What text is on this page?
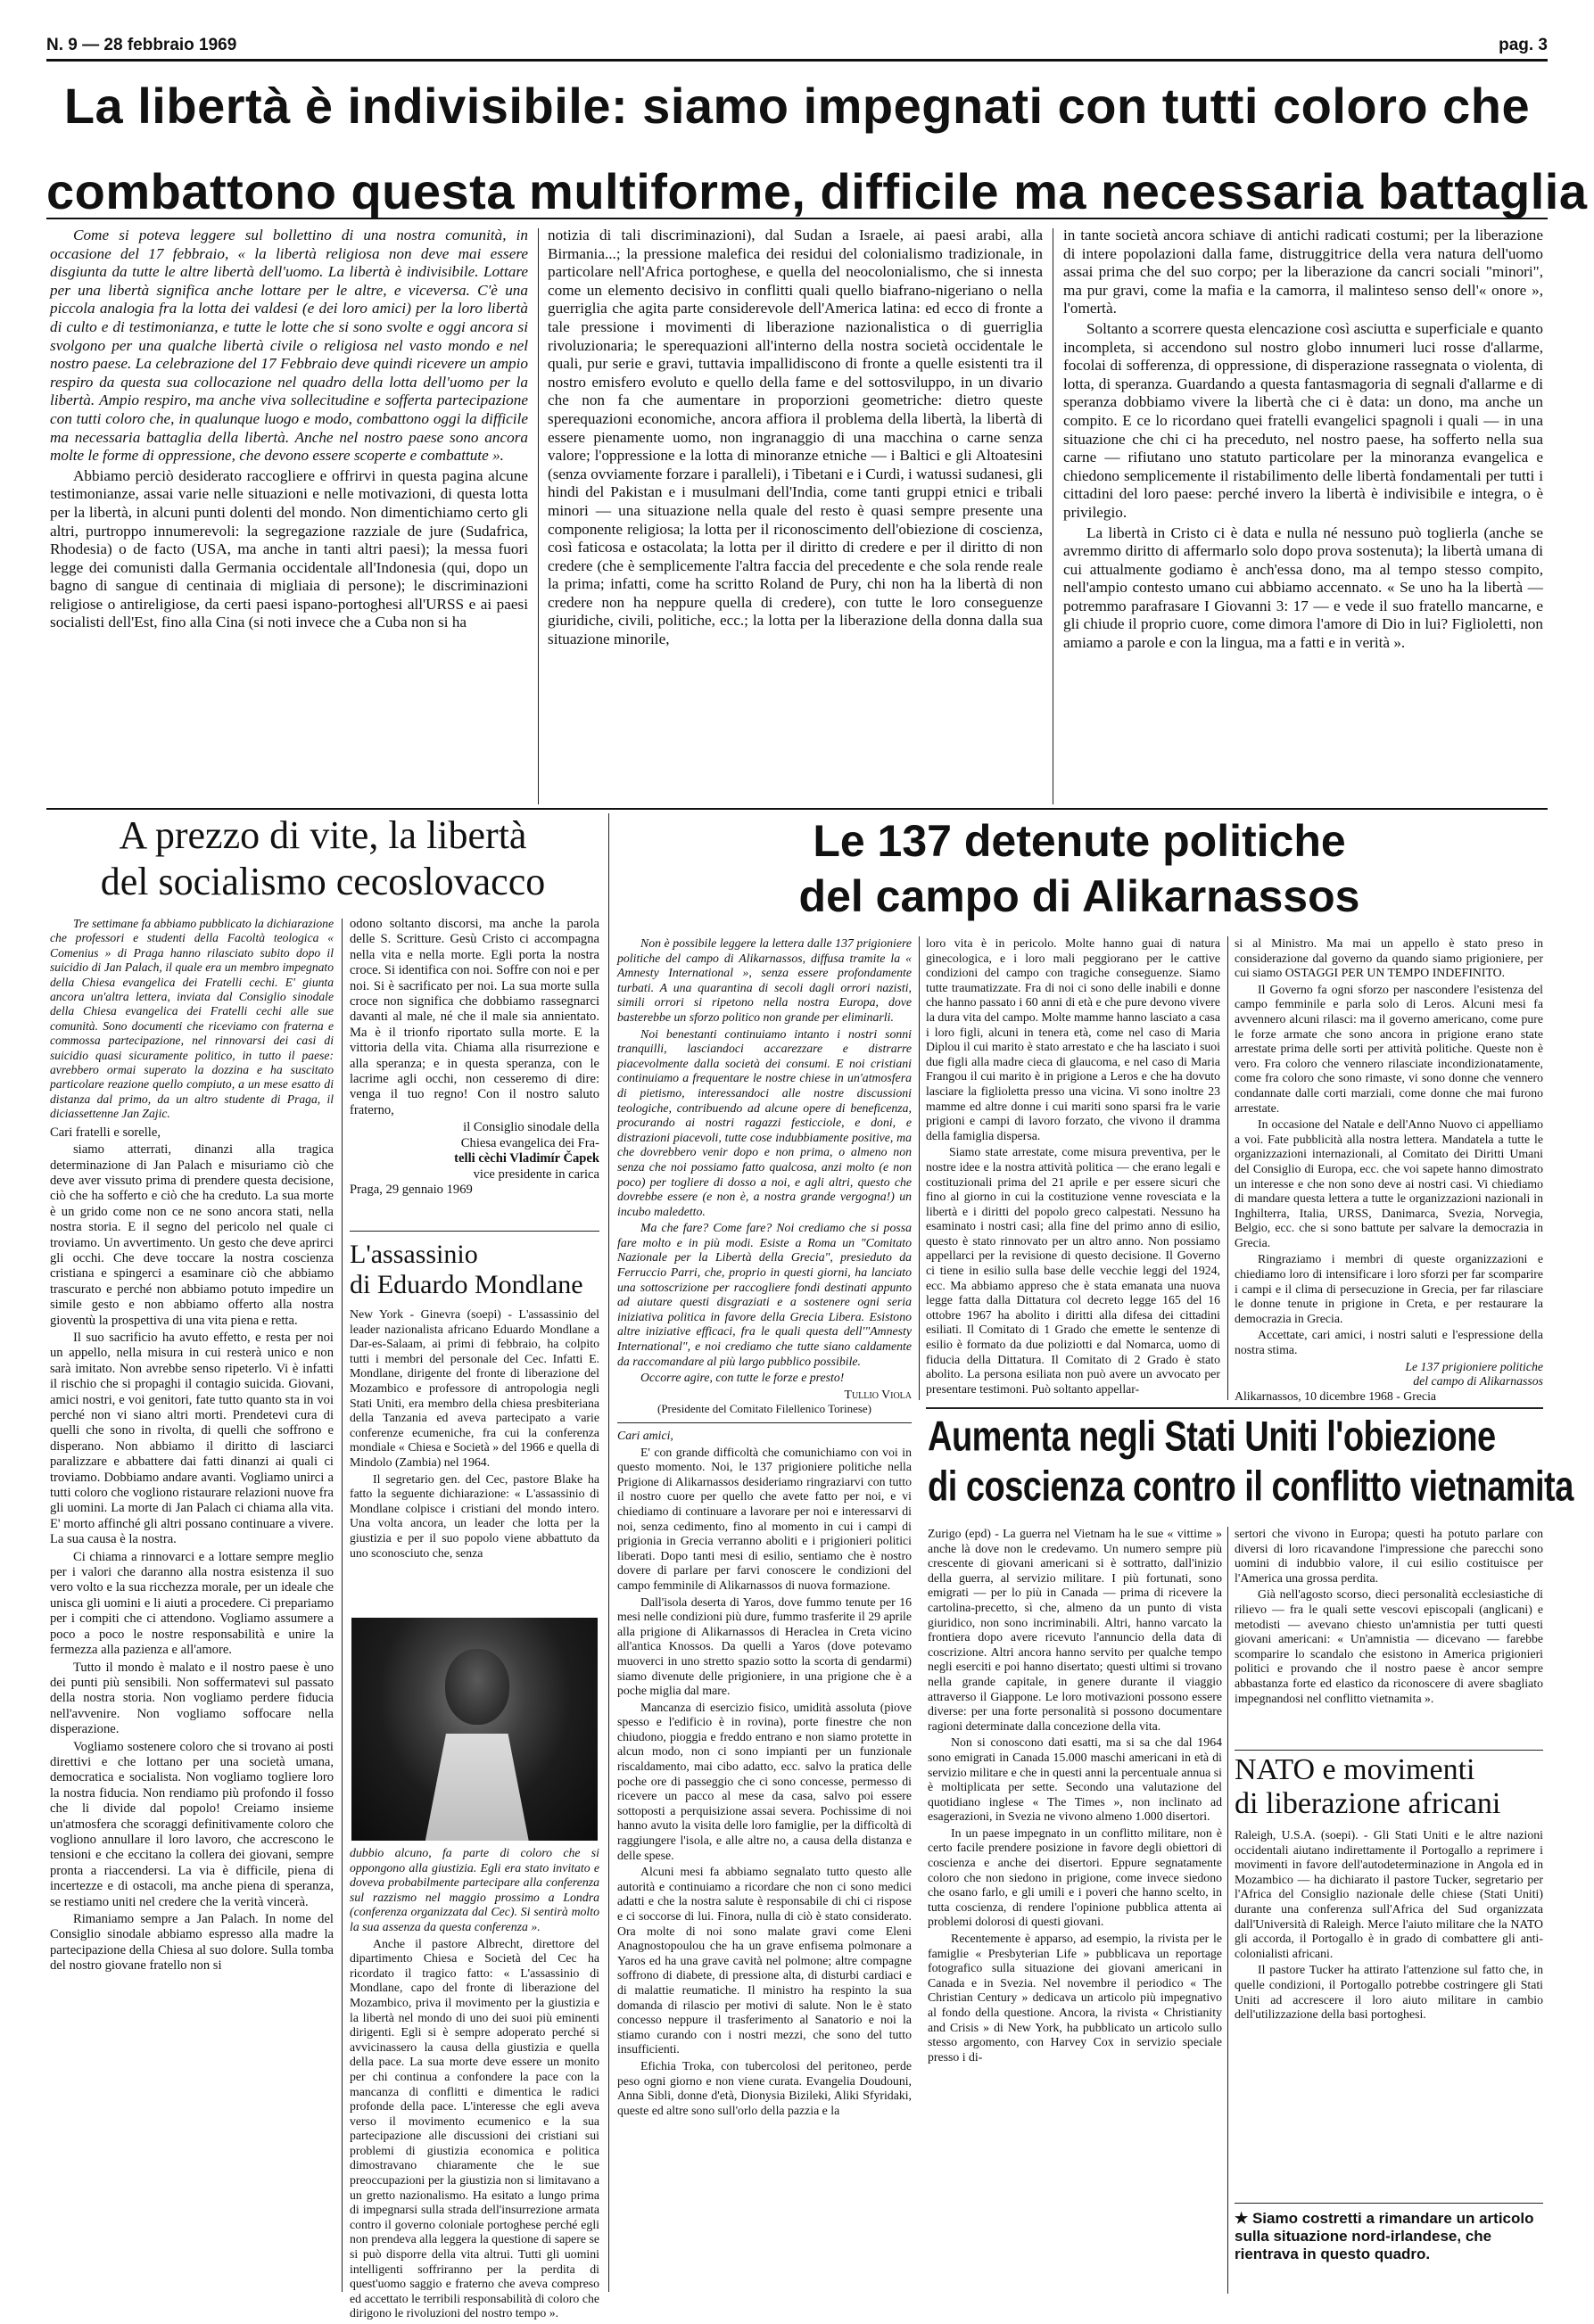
N. 9 — 28 febbraio 1969	pag. 3
La libertà è indivisibile: siamo impegnati con tutti coloro che
combattono questa multiforme, difficile ma necessaria battaglia

Come si poteva leggere sul bollettino di una nostra comunità, in occasione del 17 febbraio, « la libertà religiosa non deve mai essere disgiunta da tutte le altre libertà dell'uomo. La libertà è indivisibile. Lottare per una libertà significa anche lottare per le altre, e viceversa. C'è una piccola analogia fra la lotta dei valdesi (e dei loro amici) per la loro libertà di culto e di testimonianza, e tutte le lotte che si sono svolte e oggi ancora si svolgono per una qualche libertà civile o religiosa nel vasto mondo e nel nostro paese. La celebrazione del 17 Febbraio deve quindi ricevere un ampio respiro da questa sua collocazione nel quadro della lotta dell'uomo per la libertà. Ampio respiro, ma anche viva sollecitudine e sofferta partecipazione con tutti coloro che, in qualunque luogo e modo, combattono oggi la difficile ma necessaria battaglia della libertà. Anche nel nostro paese sono ancora molte le forme di oppressione, che devono essere scoperte e combattute ».

Abbiamo perciò desiderato raccogliere e offrirvi in questa pagina alcune testimonianze, assai varie nelle situazioni e nelle motivazioni, di questa lotta per la libertà, in alcuni punti dolenti del mondo. Non dimentichiamo certo gli altri, purtroppo innumerevoli: la segregazione razziale de jure (Sudafrica, Rhodesia) o de facto (USA, ma anche in tanti altri paesi); la messa fuori legge dei comunisti dalla Germania occidentale all'Indonesia (qui, dopo un bagno di sangue di centinaia di migliaia di persone); le discriminazioni religiose o antireligiose, da certi paesi ispano-portoghesi all'URSS e ai paesi socialisti dell'Est, fino alla Cina (si noti invece che a Cuba non si ha

notizia di tali discriminazioni), dal Sudan a Israele, ai paesi arabi, alla Birmania...; la pressione malefica dei residui del colonialismo tradizionale, in particolare nell'Africa portoghese, e quella del neocolonialismo, che si innesta come un elemento decisivo in conflitti quali quello biafrano-nigeriano o nella guerriglia che agita parte considerevole dell'America latina: ed ecco di fronte a tale pressione i movimenti di liberazione nazionalistica o di guerriglia rivoluzionaria; le sperequazioni all'interno della nostra società occidentale le quali, pur serie e gravi, tuttavia impallidiscono di fronte a quelle esistenti tra il nostro emisfero evoluto e quello della fame e del sottosviluppo, in un divario che non fa che aumentare in proporzioni geometriche: dietro queste sperequazioni economiche, ancora affiora il problema della libertà, la libertà di essere pienamente uomo, non ingranaggio di una macchina o carne senza valore; l'oppressione e la lotta di minoranze etniche — i Baltici e gli Altoatesini (senza ovviamente forzare i paralleli), i Tibetani e i Curdi, i watussi sudanesi, gli hindi del Pakistan e i musulmani dell'India, come tanti gruppi etnici e tribali minori — una situazione nella quale del resto è quasi sempre presente una componente religiosa; la lotta per il riconoscimento dell'obiezione di coscienza, così faticosa e ostacolata; la lotta per il diritto di credere e per il diritto di non credere (che è semplicemente l'altra faccia del precedente e che sola rende reale la prima; infatti, come ha scritto Roland de Pury, chi non ha la libertà di non credere non ha neppure quella di credere), con tutte le loro conseguenze giuridiche, civili, politiche, ecc.; la lotta per la liberazione della donna dalla sua situazione minorile,

in tante società ancora schiave di antichi radicati costumi; per la liberazione di intere popolazioni dalla fame, distruggitrice della vera natura dell'uomo assai prima che del suo corpo; per la liberazione da cancri sociali "minori", ma pur gravi, come la mafia e la camorra, il malinteso senso dell'« onore », l'omertà.

Soltanto a scorrere questa elencazione così asciutta e superficiale e quanto incompleta, si accendono sul nostro globo innumeri luci rosse d'allarme, focolai di sofferenza, di oppressione, di disperazione rassegnata o violenta, di lotta, di speranza. Guardando a questa fantasmagoria di segnali d'allarme e di speranza dobbiamo vivere la libertà che ci è data: un dono, ma anche un compito. E ce lo ricordano quei fratelli evangelici spagnoli i quali — in una situazione che chi ci ha preceduto, nel nostro paese, ha sofferto nella sua carne — rifiutano uno statuto particolare per la minoranza evangelica e chiedono semplicemente il ristabilimento delle libertà fondamentali per tutti i cittadini del loro paese: perché invero la libertà è indivisibile e integra, o è privilegio.

La libertà in Cristo ci è data e nulla né nessuno può toglierla (anche se avremmo diritto di affermarlo solo dopo prova sostenuta); la libertà umana di cui attualmente godiamo è anch'essa dono, ma al tempo stesso compito, nell'ampio contesto umano cui abbiamo accennato. « Se uno ha la libertà — potremmo parafrasare I Giovanni 3: 17 — e vede il suo fratello mancarne, e gli chiude il proprio cuore, come dimora l'amore di Dio in lui? Figlioletti, non amiamo a parole e con la lingua, ma a fatti e in verità ».

A prezzo di vite, la libertà
del socialismo cecoslovacco

Tre settimane fa abbiamo pubblicato la dichiarazione che professori e studenti della Facoltà teologica « Comenius » di Praga hanno rilasciato subito dopo il suicidio di Jan Palach, il quale era un membro impegnato della Chiesa evangelica dei Fratelli cechi. E' giunta ancora un'altra lettera, inviata dal Consiglio sinodale della Chiesa evangelica dei Fratelli cechi alle sue comunità. Sono documenti che riceviamo con fraterna e commossa partecipazione, nel rinnovarsi dei casi di suicidio quasi sicuramente politico, in tutto il paese: avrebbero ormai superato la dozzina e ha suscitato particolare reazione quello compiuto, a un mese esatto di distanza dal primo, da un altro studente di Praga, il diciassettenne Jan Zajic.

Cari fratelli e sorelle,

siamo atterrati, dinanzi alla tragica determinazione di Jan Palach e misuriamo ciò che deve aver vissuto prima di prendere questa decisione, ciò che ha sofferto e ciò che ha creduto. La sua morte è un grido come non ce ne sono ancora stati, nella nostra storia. E il segno del pericolo nel quale ci troviamo. Un avvertimento. Un gesto che deve aprirci gli occhi. Che deve toccare la nostra coscienza cristiana e spingerci a esaminare ciò che abbiamo trascurato e perché non abbiamo potuto impedire un simile gesto e non abbiamo offerto alla nostra gioventù la prospettiva di una vita piena e retta.

Il suo sacrificio ha avuto effetto, e resta per noi un appello, nella misura in cui resterà unico e non sarà imitato. Non avrebbe senso ripeterlo. Vi è infatti il rischio che si propaghi il contagio suicida. Giovani, amici nostri, e voi genitori, fate tutto quanto sta in voi perché non vi siano altri morti. Prendetevi cura di quelli che sono in rivolta, di quelli che soffrono e disperano. Non abbiamo il diritto di lasciarci paralizzare e abbattere dai fatti dinanzi ai quali ci troviamo. Dobbiamo andare avanti. Vogliamo unirci a tutti coloro che vogliono ristaurare relazioni nuove fra gli uomini. La morte di Jan Palach ci chiama alla vita. E' morto affinché gli altri possano continuare a vivere. La sua causa è la nostra.

Ci chiama a rinnovarci e a lottare sempre meglio per i valori che daranno alla nostra esistenza il suo vero volto e la sua ricchezza morale, per un ideale che unisca gli uomini e li aiuti a procedere. Ci prepariamo per i compiti che ci attendono. Vogliamo assumere a poco a poco le nostre responsabilità e unire la fermezza alla pazienza e all'amore.

Tutto il mondo è malato e il nostro paese è uno dei punti più sensibili. Non soffermatevi sul passato della nostra storia. Non vogliamo perdere fiducia nell'avvenire. Non vogliamo soffocare nella disperazione.

Vogliamo sostenere coloro che si trovano ai posti direttivi e che lottano per una società umana, democratica e socialista. Non vogliamo togliere loro la nostra fiducia. Non rendiamo più profondo il fosso che li divide dal popolo! Creiamo insieme un'atmosfera che scoraggi definitivamente coloro che vogliono annullare il loro lavoro, che accrescono le tensioni e che eccitano la collera dei giovani, sempre pronta a riaccendersi. La via è difficile, piena di incertezze e di ostacoli, ma anche piena di speranza, se restiamo uniti nel credere che la verità vincerà.

Rimaniamo sempre a Jan Palach. In nome del Consiglio sinodale abbiamo espresso alla madre la partecipazione della Chiesa al suo dolore. Sulla tomba del nostro giovane fratello non si

odono soltanto discorsi, ma anche la parola delle S. Scritture. Gesù Cristo ci accompagna nella vita e nella morte. Egli porta la nostra croce. Si identifica con noi. Soffre con noi e per noi. Si è sacrificato per noi. La sua morte sulla croce non significa che dobbiamo rassegnarci davanti al male, né che il male sia annientato. Ma è il trionfo riportato sulla morte. E la vittoria della vita. Chiama alla risurrezione e alla speranza; e in questa speranza, con le lacrime agli occhi, non cesseremo di dire: venga il tuo regno! Con il nostro saluto fraterno,

il Consiglio sinodale della
Chiesa evangelica dei Fra-
telli cèchi Vladimír Čapek
vice presidente in carica
Praga, 29 gennaio 1969
L'assassinio
di Eduardo Mondlane

New York - Ginevra (soepi) - L'assassinio del leader nazionalista africano Eduardo Mondlane a Dar-es-Salaam, ai primi di febbraio, ha colpito tutti i membri del personale del Cec. Infatti E. Mondlane, dirigente del fronte di liberazione del Mozambico e professore di antropologia negli Stati Uniti, era membro della chiesa presbiteriana della Tanzania ed aveva partecipato a varie conferenze ecumeniche, fra cui la conferenza mondiale « Chiesa e Società » del 1966 e quella di Mindolo (Zambia) nel 1964.

Il segretario gen. del Cec, pastore Blake ha fatto la seguente dichiarazione: « L'assassinio di Mondlane colpisce i cristiani del mondo intero. Una volta ancora, un leader che lotta per la giustizia e per il suo popolo viene abbattuto da uno sconosciuto che, senza

dubbio alcuno, fa parte di coloro che si oppongono alla giustizia. Egli era stato invitato e doveva probabilmente partecipare alla conferenza sul razzismo nel maggio prossimo a Londra (conferenza organizzata dal Cec). Si sentirà molto la sua assenza da questa conferenza ».

Anche il pastore Albrecht, direttore del dipartimento Chiesa e Società del Cec ha ricordato il tragico fatto: « L'assassinio di Mondlane, capo del fronte di liberazione del Mozambico, priva il movimento per la giustizia e la libertà nel mondo di uno dei suoi più eminenti dirigenti. Egli si è sempre adoperato perché si avvicinassero la causa della giustizia e quella della pace. La sua morte deve essere un monito per chi continua a confondere la pace con la mancanza di conflitti e dimentica le radici profonde della pace. L'interesse che egli aveva verso il movimento ecumenico e la sua partecipazione alle discussioni dei cristiani sui problemi di giustizia economica e politica dimostravano chiaramente che le sue preoccupazioni per la giustizia non si limitavano a un gretto nazionalismo. Ha esitato a lungo prima di impegnarsi sulla strada dell'insurrezione armata contro il governo coloniale portoghese perché egli non prendeva alla leggera la questione di sapere se si può disporre della vita altrui. Tutti gli uomini intelligenti soffriranno per la perdita di quest'uomo saggio e fraterno che aveva compreso ed accettato le terribili responsabilità di coloro che dirigono le rivoluzioni del nostro tempo ».

Le 137 detenute politiche
del campo di Alikarnassos

Non è possibile leggere la lettera dalle 137 prigioniere politiche del campo di Alikarnassos, diffusa tramite la « Amnesty International », senza essere profondamente turbati. A una quarantina di secoli dagli orrori nazisti, simili orrori si ripetono nella nostra Europa, dove basterebbe un sforzo politico non grande per eliminarli.

Noi benestanti continuiamo intanto i nostri sonni tranquilli, lasciandoci accarezzare e distrarre piacevolmente dalla società dei consumi. E noi cristiani continuiamo a frequentare le nostre chiese in un'atmosfera di pietismo, interessandoci alle nostre discussioni teologiche, contribuendo ad alcune opere di beneficenza, procurando ai nostri ragazzi festicciole, e doni, e distrazioni piacevoli, tutte cose indubbiamente positive, ma che dovrebbero venir dopo e non prima, o almeno non senza che noi possiamo fatto qualcosa, anzi molto (e non poco) per togliere di dosso a noi, e agli altri, questo che dovrebbe essere (e non è, a nostra grande vergogna!) un incubo maledetto.

Ma che fare? Come fare? Noi crediamo che si possa fare molto e in più modi. Esiste a Roma un "Comitato Nazionale per la Libertà della Grecia", presieduto da Ferruccio Parri, che, proprio in questi giorni, ha lanciato una sottoscrizione per raccogliere fondi destinati appunto ad aiutare questi disgraziati e a sostenere ogni seria iniziativa politica in favore della Grecia Libera. Esistono altre iniziative efficaci, fra le quali questa dell'"Amnesty International", e noi crediamo che tutte siano caldamente da raccomandare al più largo pubblico possibile.

Occorre agire, con tutte le forze e presto!

Tullio Viola
(Presidente del Comitato Filellenico Torinese)

Cari amici,

E' con grande difficoltà che comunichiamo con voi in questo momento. Noi, le 137 prigioniere politiche nella Prigione di Alikarnassos desideriamo ringraziarvi con tutto il nostro cuore per quello che avete fatto per noi, e vi chiediamo di continuare a lavorare per noi e interessarvi di noi, senza cedimento, fino al momento in cui i campi di prigionia in Grecia verranno aboliti e i prigionieri politici liberati. Dopo tanti mesi di esilio, sentiamo che è nostro dovere di parlare per farvi conoscere le condizioni del campo femminile di Alikarnassos di nuova formazione.

Dall'isola deserta di Yaros, dove fummo tenute per 16 mesi nelle condizioni più dure, fummo trasferite il 29 aprile alla prigione di Alikarnassos di Heraclea in Creta vicino all'antica Knossos. Da quelli a Yaros (dove potevamo muoverci in uno stretto spazio sotto la scorta di gendarmi) siamo divenute delle prigioniere, in una prigione che è a poche miglia dal mare.

Mancanza di esercizio fisico, umidità assoluta (piove spesso e l'edificio è in rovina), porte finestre che non chiudono, pioggia e freddo entrano e non siamo protette in alcun modo, non ci sono impianti per un funzionale riscaldamento, mai cibo adatto, ecc. salvo la pratica delle poche ore di passeggio che ci sono concesse, permesso di ricevere un pacco al mese da casa, salvo poi essere sottoposti a perquisizione assai severa. Pochissime di noi hanno avuto la visita delle loro famiglie, per la difficoltà di raggiungere l'isola, e alle altre no, a causa della distanza e delle spese.

Alcuni mesi fa abbiamo segnalato tutto questo alle autorità e continuiamo a ricordare che non ci sono medici adatti e che la nostra salute è responsabile di chi ci rispose e ci soccorse di lui. Finora, nulla di ciò è stato considerato. Ora molte di noi sono malate gravi come Eleni Anagnostopoulou che ha un grave enfisema polmonare a Yaros ed ha una grave cavità nel polmone; altre compagne soffrono di diabete, di pressione alta, di disturbi cardiaci e di malattie reumatiche. Il ministro ha respinto la sua domanda di rilascio per motivi di salute. Non le è stato concesso neppure il trasferimento al Sanatorio e noi la stiamo curando con i nostri mezzi, che sono del tutto insufficienti.

Efichia Troka, con tubercolosi del peritoneo, perde peso ogni giorno e non viene curata. Evangelia Doudouni, Anna Sibli, donne d'età, Dionysia Bizileki, Aliki Sfyridaki, queste ed altre sono sull'orlo della pazzia e la

loro vita è in pericolo. Molte hanno guai di natura ginecologica, e i loro mali peggiorano per le cattive condizioni del campo con tragiche conseguenze. Siamo tutte traumatizzate. Fra di noi ci sono delle inabili e donne che hanno passato i 60 anni di età e che pure devono vivere la dura vita del campo. Molte mamme hanno lasciato a casa i loro figli, alcuni in tenera età, come nel caso di Maria Diplou il cui marito è stato arrestato e che ha lasciato i suoi due figli alla madre cieca di glaucoma, e nel caso di Maria Frangou il cui marito è in prigione a Leros e che ha dovuto lasciare la figlioletta presso una vicina. Vi sono inoltre 23 mamme ed altre donne i cui mariti sono sparsi fra le varie prigioni e campi di lavoro forzato, che vivono il dramma della famiglia dispersa.

Siamo state arrestate, come misura preventiva, per le nostre idee e la nostra attività politica — che erano legali e costituzionali prima del 21 aprile e per essere sicuri che fino al giorno in cui la costituzione venne rovesciata e la libertà e i diritti del popolo greco calpestati. Nessuno ha esaminato i nostri casi; alla fine del primo anno di esilio, questo è stato rinnovato per un altro anno. Non possiamo appellarci per la revisione di questo decisione. Il Governo ci tiene in esilio sulla base delle vecchie leggi del 1924, ecc. Ma abbiamo appreso che è stata emanata una nuova legge fatta dalla Dittatura col decreto legge 165 del 16 ottobre 1967 ha abolito i diritti alla difesa dei cittadini esiliati. Il Comitato di 1 Grado che emette le sentenze di esilio è formato da due poliziotti e dal Nomarca, uomo di fiducia della Dittatura. Il Comitato di 2 Grado è stato abolito. La persona esiliata non può avere un avvocato per presentare testimoni. Può soltanto appellar-

si al Ministro. Ma mai un appello è stato preso in considerazione dal governo da quando siamo prigioniere, per cui siamo OSTAGGI PER UN TEMPO INDEFINITO.

Il Governo fa ogni sforzo per nascondere l'esistenza del campo femminile e parla solo di Leros. Alcuni mesi fa avvennero alcuni rilasci: ma il governo americano, come pure le forze armate che sono ancora in prigione erano state arrestate prima delle sorti per attività politiche. Queste non è vero. Fra coloro che vennero rilasciate incondizionatamente, come fra coloro che sono rimaste, vi sono donne che vennero condannate dalle corti marziali, come donne che mai furono arrestate.

In occasione del Natale e dell'Anno Nuovo ci appelliamo a voi. Fate pubblicità alla nostra lettera. Mandatela a tutte le organizzazioni internazionali, al Comitato dei Diritti Umani del Consiglio di Europa, ecc. che voi sapete hanno dimostrato un interesse e che non sono deve ai nostri casi. Vi chiediamo di mandare questa lettera a tutte le organizzazioni nazionali in Inghilterra, Italia, URSS, Danimarca, Svezia, Norvegia, Belgio, ecc. che si sono battute per salvare la democrazia in Grecia.

Ringraziamo i membri di queste organizzazioni e chiediamo loro di intensificare i loro sforzi per far scomparire i campi e il clima di persecuzione in Grecia, per far rilasciare le donne tenute in prigione in Creta, e per restaurare la democrazia in Grecia.

Accettate, cari amici, i nostri saluti e l'espressione della nostra stima.

Le 137 prigioniere politiche
del campo di Alikarnassos
Alikarnassos, 10 dicembre 1968 - Grecia
Aumenta negli Stati Uniti l'obiezione
di coscienza contro il conflitto vietnamita

Zurigo (epd) - La guerra nel Vietnam ha le sue « vittime » anche là dove non le credevamo. Un numero sempre più crescente di giovani americani si è sottratto, dall'inizio della guerra, al servizio militare. I più fortunati, sono emigrati — per lo più in Canada — prima di ricevere la cartolina-precetto, sì che, almeno da un punto di vista giuridico, non sono incriminabili. Altri, hanno varcato la frontiera dopo avere ricevuto l'annuncio della data di coscrizione. Altri ancora hanno servito per qualche tempo negli eserciti e poi hanno disertato; questi ultimi si trovano nella grande capitale, in genere durante il viaggio attraverso il Giappone. Le loro motivazioni possono essere diverse: per una forte personalità si possono documentare ragioni determinate dalla concezione della vita.

Non si conoscono dati esatti, ma si sa che dal 1964 sono emigrati in Canada 15.000 maschi americani in età di servizio militare e che in questi anni la percentuale annua si è moltiplicata per sette. Secondo una valutazione del quotidiano inglese « The Times », non inclinato ad esagerazioni, in Svezia ne vivono almeno 1.000 disertori.

In un paese impegnato in un conflitto militare, non è certo facile prendere posizione in favore degli obiettori di coscienza e anche dei disertori. Eppure segnatamente coloro che non siedono in prigione, come invece siedono che osano farlo, e gli umili e i poveri che hanno scelto, in tutta coscienza, di rendere l'opinione pubblica attenta ai problemi dolorosi di questi giovani.

Recentemente è apparso, ad esempio, la rivista per le famiglie « Presbyterian Life » pubblicava un reportage fotografico sulla situazione dei giovani americani in Canada e in Svezia. Nel novembre il periodico « The Christian Century » dedicava un articolo più impegnativo al fondo della questione. Ancora, la rivista « Christianity and Crisis » di New York, ha pubblicato un articolo sullo stesso argomento, con Harvey Cox in servizio speciale presso i di-

sertori che vivono in Europa; questi ha potuto parlare con diversi di loro ricavandone l'impressione che parecchi sono uomini di indubbio valore, il cui esilio costituisce per l'America una grossa perdita.

Già nell'agosto scorso, dieci personalità ecclesiastiche di rilievo — fra le quali sette vescovi episcopali (anglicani) e metodisti — avevano chiesto un'amnistia per tutti questi giovani americani: « Un'amnistia — dicevano — farebbe scomparire lo scandalo che esistono in America prigionieri politici e provando che il nostro paese è ancor sempre abbastanza forte ed elastico da riconoscere di avere sbagliato impegnandosi nel conflitto vietnamita ».

NATO e movimenti
di liberazione africani

Raleigh, U.S.A. (soepi). - Gli Stati Uniti e le altre nazioni occidentali aiutano indirettamente il Portogallo a reprimere i movimenti in favore dell'autodeterminazione in Angola ed in Mozambico — ha dichiarato il pastore Tucker, segretario per l'Africa del Consiglio nazionale delle chiese (Stati Uniti) durante una conferenza sull'Africa del Sud organizzata dall'Università di Raleigh. Merce l'aiuto militare che la NATO gli accorda, il Portogallo è in grado di combattere gli anti-colonialisti africani.

Il pastore Tucker ha attirato l'attenzione sul fatto che, in quelle condizioni, il Portogallo potrebbe costringere gli Stati Uniti ad accrescere il loro aiuto militare in cambio dell'utilizzazione della basi portoghesi.

★ Siamo costretti a rimandare un articolo sulla situazione nord-irlandese, che rientrava in questo quadro.
